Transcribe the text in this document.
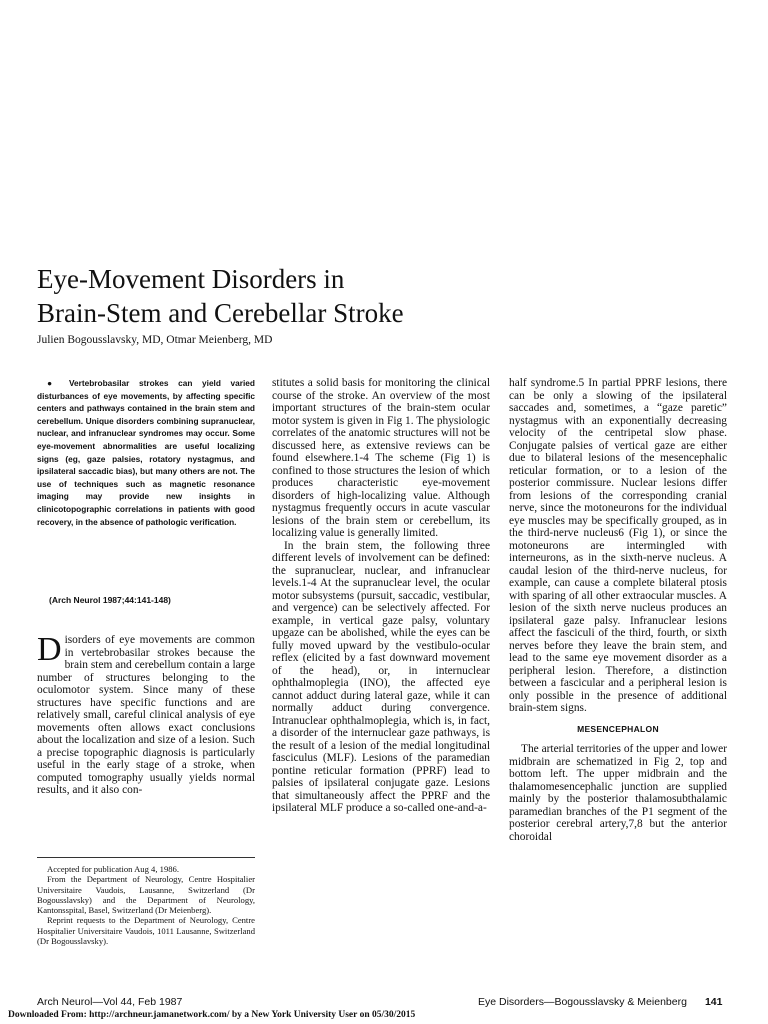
Eye-Movement Disorders in
Brain-Stem and Cerebellar Stroke
Julien Bogousslavsky, MD, Otmar Meienberg, MD
● Vertebrobasilar strokes can yield varied disturbances of eye movements, by affecting specific centers and pathways contained in the brain stem and cerebellum. Unique disorders combining supranuclear, nuclear, and infranuclear syndromes may occur. Some eye-movement abnormalities are useful localizing signs (eg, gaze palsies, rotatory nystagmus, and ipsilateral saccadic bias), but many others are not. The use of techniques such as magnetic resonance imaging may provide new insights in clinicotopographic correlations in patients with good recovery, in the absence of pathologic verification.
(Arch Neurol 1987;44:141-148)

Disorders of eye movements are common in vertebrobasilar strokes because the brain stem and cerebellum contain a large number of structures belonging to the oculomotor system. Since many of these structures have specific functions and are relatively small, careful clinical analysis of eye movements often allows exact conclusions about the localization and size of a lesion. Such a precise topographic diagnosis is particularly useful in the early stage of a stroke, when computed tomography usually yields normal results, and it also con-

stitutes a solid basis for monitoring the clinical course of the stroke. An overview of the most important structures of the brain-stem ocular motor system is given in Fig 1. The physiologic correlates of the anatomic structures will not be discussed here, as extensive reviews can be found elsewhere.1-4 The scheme (Fig 1) is confined to those structures the lesion of which produces characteristic eye-movement disorders of high-localizing value. Although nystagmus frequently occurs in acute vascular lesions of the brain stem or cerebellum, its localizing value is generally limited.

In the brain stem, the following three different levels of involvement can be defined: the supranuclear, nuclear, and infranuclear levels.1-4 At the supranuclear level, the ocular motor subsystems (pursuit, saccadic, vestibular, and vergence) can be selectively affected. For example, in vertical gaze palsy, voluntary upgaze can be abolished, while the eyes can be fully moved upward by the vestibulo-ocular reflex (elicited by a fast downward movement of the head), or, in internuclear ophthalmoplegia (INO), the affected eye cannot adduct during lateral gaze, while it can normally adduct during convergence. Intranuclear ophthalmoplegia, which is, in fact, a disorder of the internuclear gaze pathways, is the result of a lesion of the medial longitudinal fasciculus (MLF). Lesions of the paramedian pontine reticular formation (PPRF) lead to palsies of ipsilateral conjugate gaze. Lesions that simultaneously affect the PPRF and the ipsilateral MLF produce a so-called one-and-a-

half syndrome.5 In partial PPRF lesions, there can be only a slowing of the ipsilateral saccades and, sometimes, a “gaze paretic” nystagmus with an exponentially decreasing velocity of the centripetal slow phase. Conjugate palsies of vertical gaze are either due to bilateral lesions of the mesencephalic reticular formation, or to a lesion of the posterior commissure. Nuclear lesions differ from lesions of the corresponding cranial nerve, since the motoneurons for the individual eye muscles may be specifically grouped, as in the third-nerve nucleus6 (Fig 1), or since the motoneurons are intermingled with interneurons, as in the sixth-nerve nucleus. A caudal lesion of the third-nerve nucleus, for example, can cause a complete bilateral ptosis with sparing of all other extraocular muscles. A lesion of the sixth nerve nucleus produces an ipsilateral gaze palsy. Infranuclear lesions affect the fasciculi of the third, fourth, or sixth nerves before they leave the brain stem, and lead to the same eye movement disorder as a peripheral lesion. Therefore, a distinction between a fascicular and a peripheral lesion is only possible in the presence of additional brain-stem signs.

MESENCEPHALON

The arterial territories of the upper and lower midbrain are schematized in Fig 2, top and bottom left. The upper midbrain and the thalamomesencephalic junction are supplied mainly by the posterior thalamosubthalamic paramedian branches of the P1 segment of the posterior cerebral artery,7,8 but the anterior choroidal

Accepted for publication Aug 4, 1986.

From the Department of Neurology, Centre Hospitalier Universitaire Vaudois, Lausanne, Switzerland (Dr Bogousslavsky) and the Department of Neurology, Kantonsspital, Basel, Switzerland (Dr Meienberg).

Reprint requests to the Department of Neurology, Centre Hospitalier Universitaire Vaudois, 1011 Lausanne, Switzerland (Dr Bogousslavsky).

Arch Neurol—Vol 44, Feb 1987	Eye Disorders—Bogousslavsky & Meienberg 141
Downloaded From: http://archneur.jamanetwork.com/ by a New York University User on 05/30/2015
